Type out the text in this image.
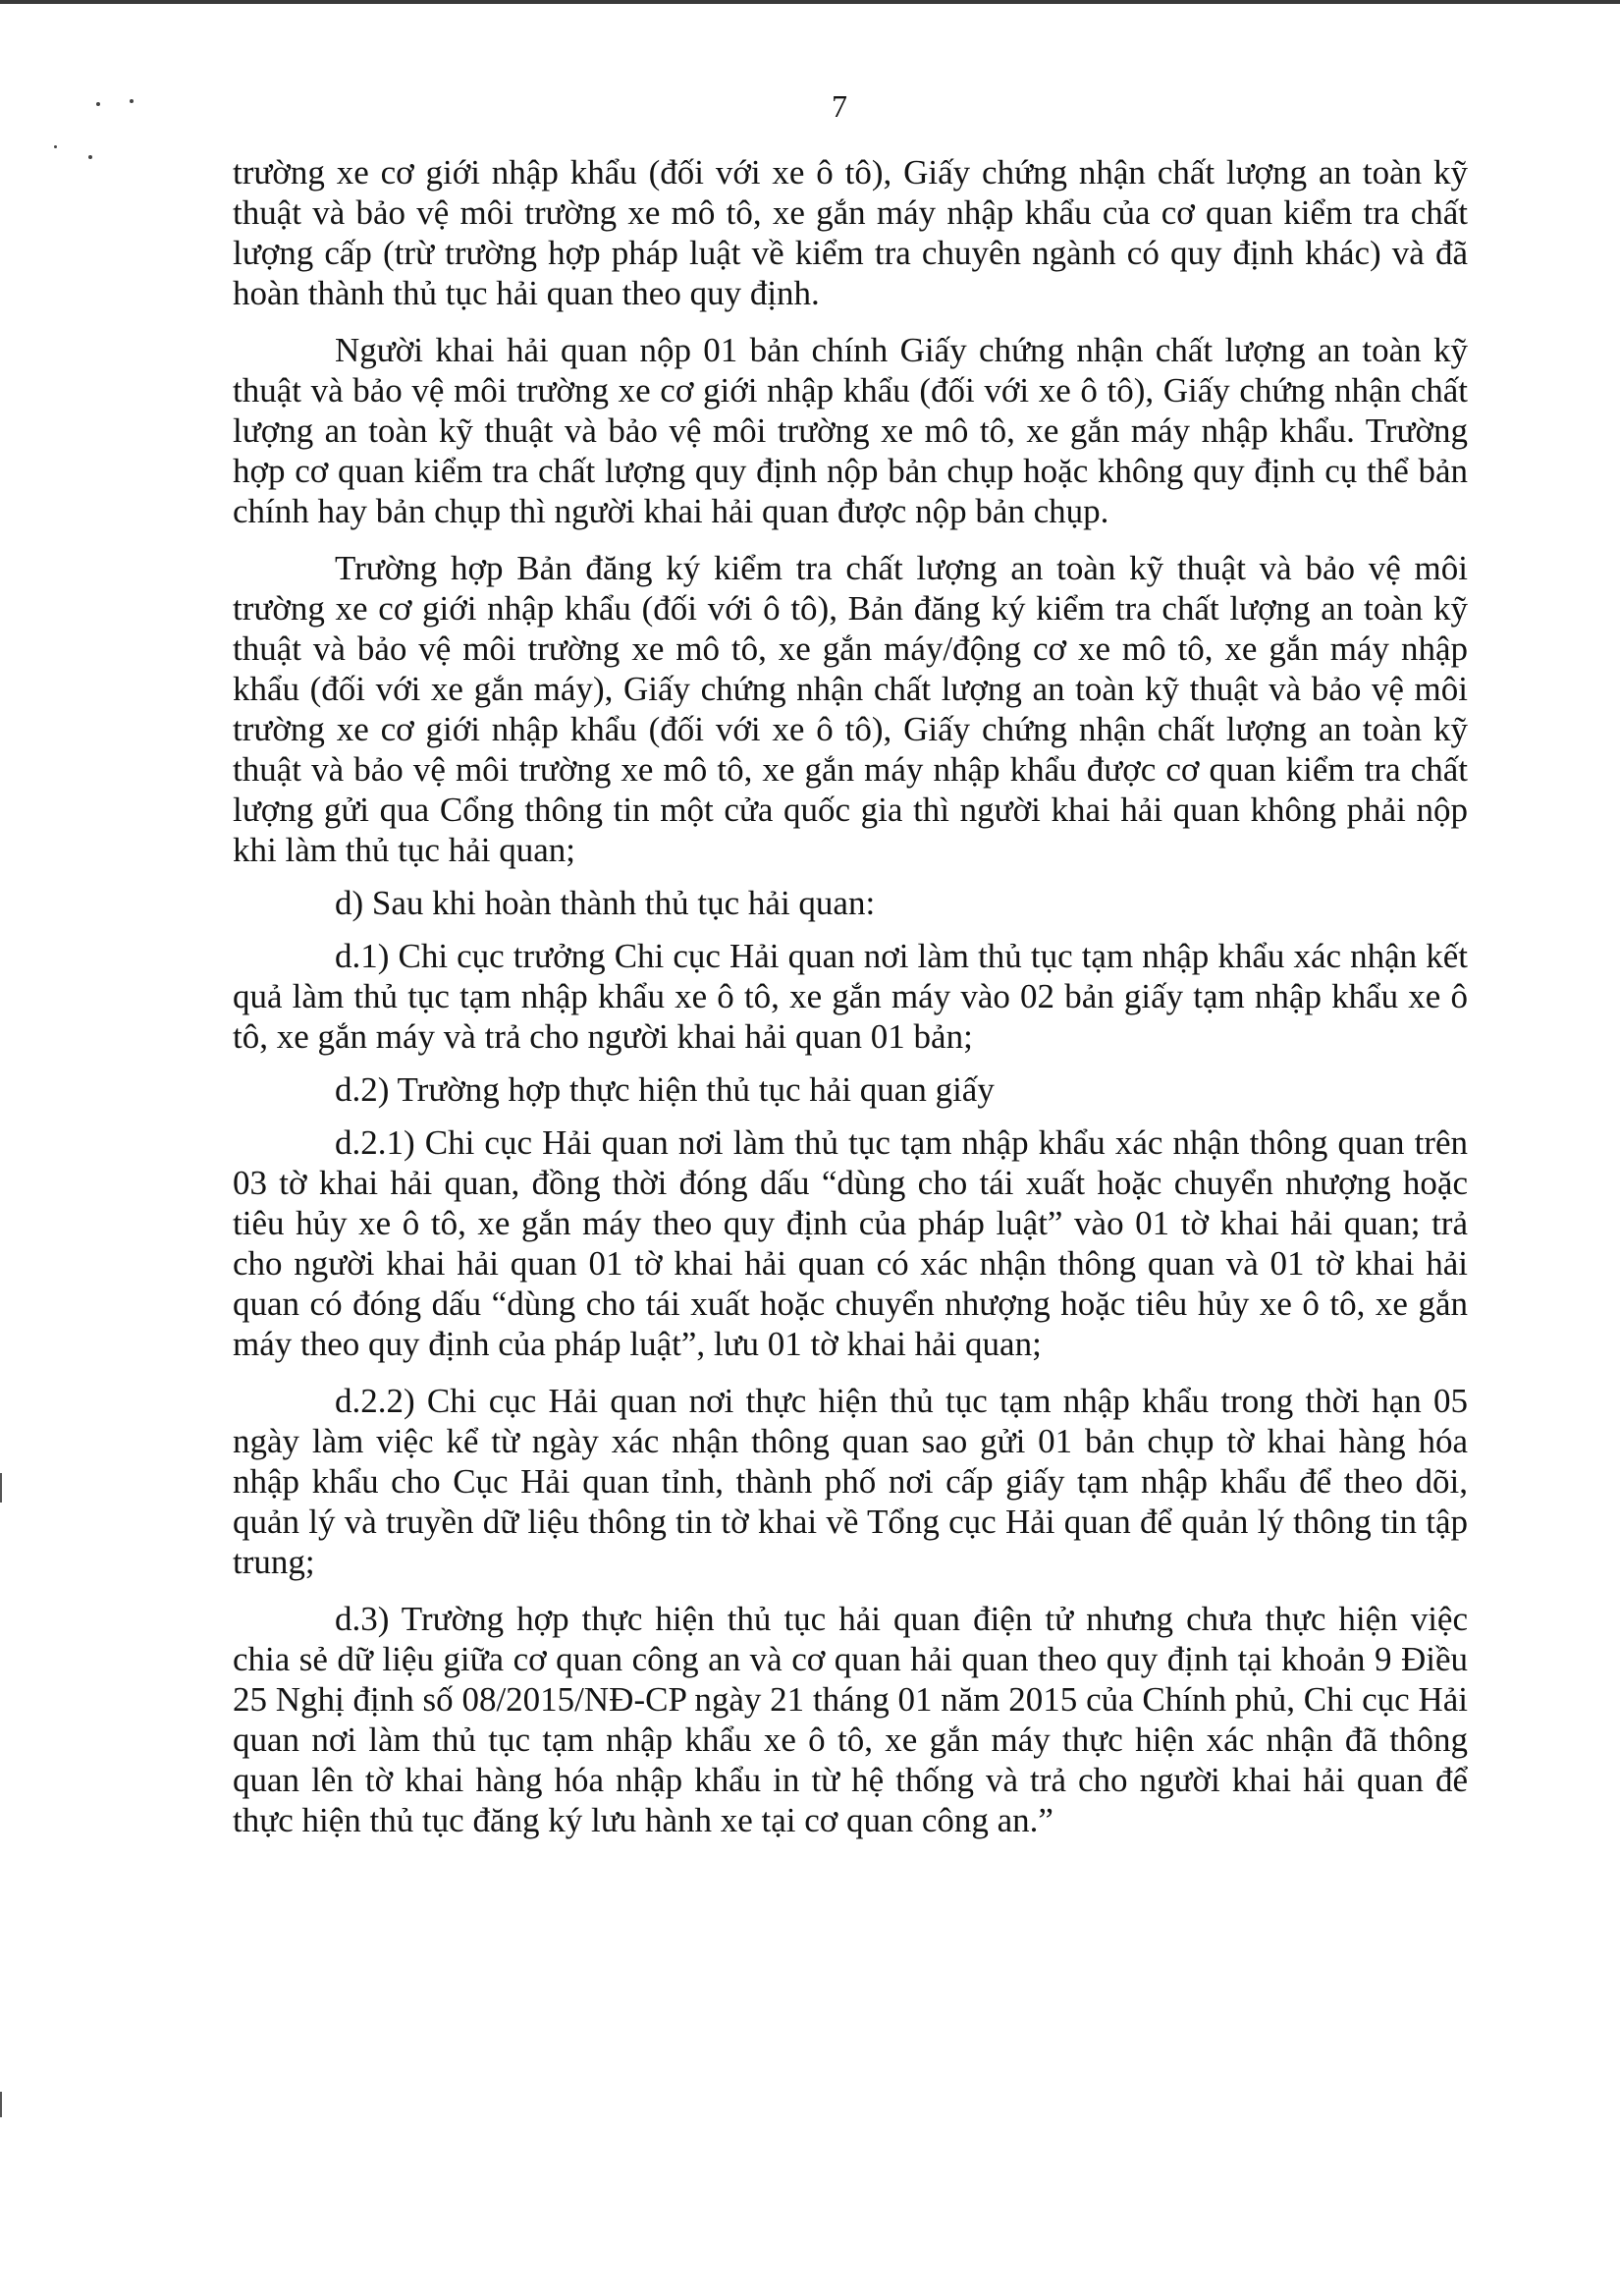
7

trường xe cơ giới nhập khẩu (đối với xe ô tô), Giấy chứng nhận chất lượng an toàn kỹ thuật và bảo vệ môi trường xe mô tô, xe gắn máy nhập khẩu của cơ quan kiểm tra chất lượng cấp (trừ trường hợp pháp luật về kiểm tra chuyên ngành có quy định khác) và đã hoàn thành thủ tục hải quan theo quy định.

Người khai hải quan nộp 01 bản chính Giấy chứng nhận chất lượng an toàn kỹ thuật và bảo vệ môi trường xe cơ giới nhập khẩu (đối với xe ô tô), Giấy chứng nhận chất lượng an toàn kỹ thuật và bảo vệ môi trường xe mô tô, xe gắn máy nhập khẩu. Trường hợp cơ quan kiểm tra chất lượng quy định nộp bản chụp hoặc không quy định cụ thể bản chính hay bản chụp thì người khai hải quan được nộp bản chụp.

Trường hợp Bản đăng ký kiểm tra chất lượng an toàn kỹ thuật và bảo vệ môi trường xe cơ giới nhập khẩu (đối với ô tô), Bản đăng ký kiểm tra chất lượng an toàn kỹ thuật và bảo vệ môi trường xe mô tô, xe gắn máy/động cơ xe mô tô, xe gắn máy nhập khẩu (đối với xe gắn máy), Giấy chứng nhận chất lượng an toàn kỹ thuật và bảo vệ môi trường xe cơ giới nhập khẩu (đối với xe ô tô), Giấy chứng nhận chất lượng an toàn kỹ thuật và bảo vệ môi trường xe mô tô, xe gắn máy nhập khẩu được cơ quan kiểm tra chất lượng gửi qua Cổng thông tin một cửa quốc gia thì người khai hải quan không phải nộp khi làm thủ tục hải quan;

d) Sau khi hoàn thành thủ tục hải quan:

d.1) Chi cục trưởng Chi cục Hải quan nơi làm thủ tục tạm nhập khẩu xác nhận kết quả làm thủ tục tạm nhập khẩu xe ô tô, xe gắn máy vào 02 bản giấy tạm nhập khẩu xe ô tô, xe gắn máy và trả cho người khai hải quan 01 bản;

d.2) Trường hợp thực hiện thủ tục hải quan giấy

d.2.1) Chi cục Hải quan nơi làm thủ tục tạm nhập khẩu xác nhận thông quan trên 03 tờ khai hải quan, đồng thời đóng dấu “dùng cho tái xuất hoặc chuyển nhượng hoặc tiêu hủy xe ô tô, xe gắn máy theo quy định của pháp luật” vào 01 tờ khai hải quan; trả cho người khai hải quan 01 tờ khai hải quan có xác nhận thông quan và 01 tờ khai hải quan có đóng dấu “dùng cho tái xuất hoặc chuyển nhượng hoặc tiêu hủy xe ô tô, xe gắn máy theo quy định của pháp luật”, lưu 01 tờ khai hải quan;

d.2.2) Chi cục Hải quan nơi thực hiện thủ tục tạm nhập khẩu trong thời hạn 05 ngày làm việc kể từ ngày xác nhận thông quan sao gửi 01 bản chụp tờ khai hàng hóa nhập khẩu cho Cục Hải quan tỉnh, thành phố nơi cấp giấy tạm nhập khẩu để theo dõi, quản lý và truyền dữ liệu thông tin tờ khai về Tổng cục Hải quan để quản lý thông tin tập trung;

d.3) Trường hợp thực hiện thủ tục hải quan điện tử nhưng chưa thực hiện việc chia sẻ dữ liệu giữa cơ quan công an và cơ quan hải quan theo quy định tại khoản 9 Điều 25 Nghị định số 08/2015/NĐ-CP ngày 21 tháng 01 năm 2015 của Chính phủ, Chi cục Hải quan nơi làm thủ tục tạm nhập khẩu xe ô tô, xe gắn máy thực hiện xác nhận đã thông quan lên tờ khai hàng hóa nhập khẩu in từ hệ thống và trả cho người khai hải quan để thực hiện thủ tục đăng ký lưu hành xe tại cơ quan công an.”
